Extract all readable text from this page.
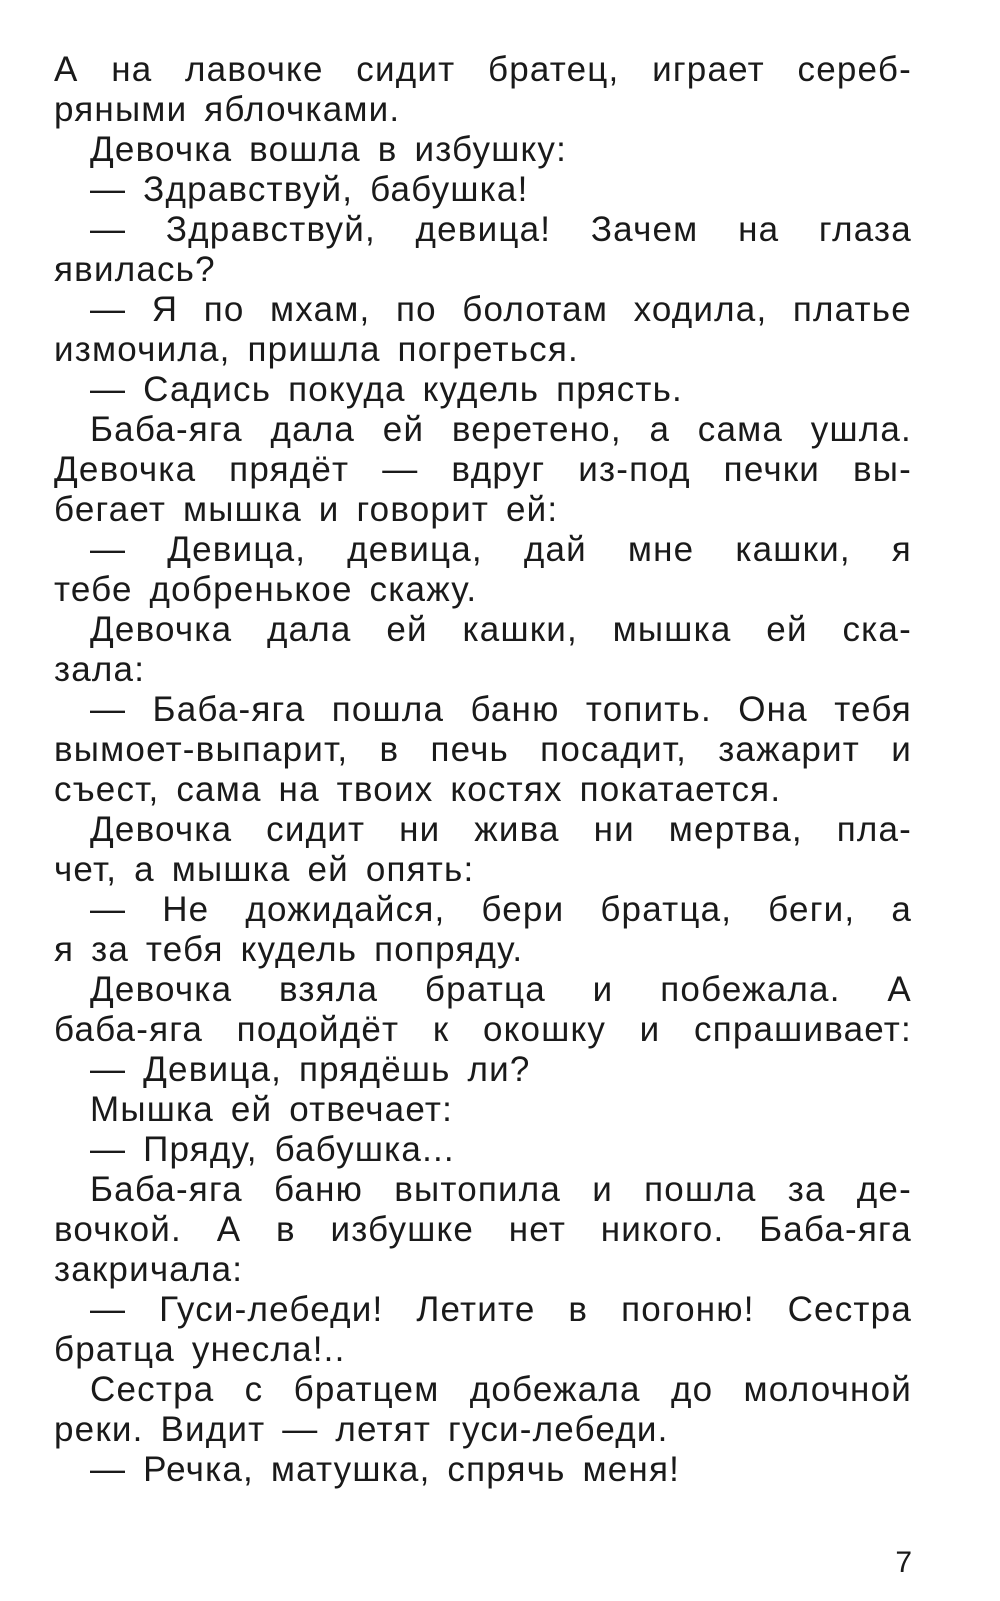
А на лавочке сидит братец, играет сереб-
ряными яблочками.
Девочка вошла в избушку:
— Здравствуй, бабушка!
— Здравствуй, девица! Зачем на глаза
явилась?
— Я по мхам, по болотам ходила, платье
измочила, пришла погреться.
— Садись покуда кудель прясть.
Баба-яга дала ей веретено, а сама ушла.
Девочка прядёт — вдруг из-под печки вы-
бегает мышка и говорит ей:
— Девица, девица, дай мне кашки, я
тебе добренькое скажу.
Девочка дала ей кашки, мышка ей ска-
зала:
— Баба-яга пошла баню топить. Она тебя
вымоет-выпарит, в печь посадит, зажарит и
съест, сама на твоих костях покатается.
Девочка сидит ни жива ни мертва, пла-
чет, а мышка ей опять:
— Не дожидайся, бери братца, беги, а
я за тебя кудель попряду.
Девочка взяла братца и побежала. А
баба-яга подойдёт к окошку и спрашивает:
— Девица, прядёшь ли?
Мышка ей отвечает:
— Пряду, бабушка...
Баба-яга баню вытопила и пошла за де-
вочкой. А в избушке нет никого. Баба-яга
закричала:
— Гуси-лебеди! Летите в погоню! Сестра
братца унесла!..
Сестра с братцем добежала до молочной
реки. Видит — летят гуси-лебеди.
— Речка, матушка, спрячь меня!
7
